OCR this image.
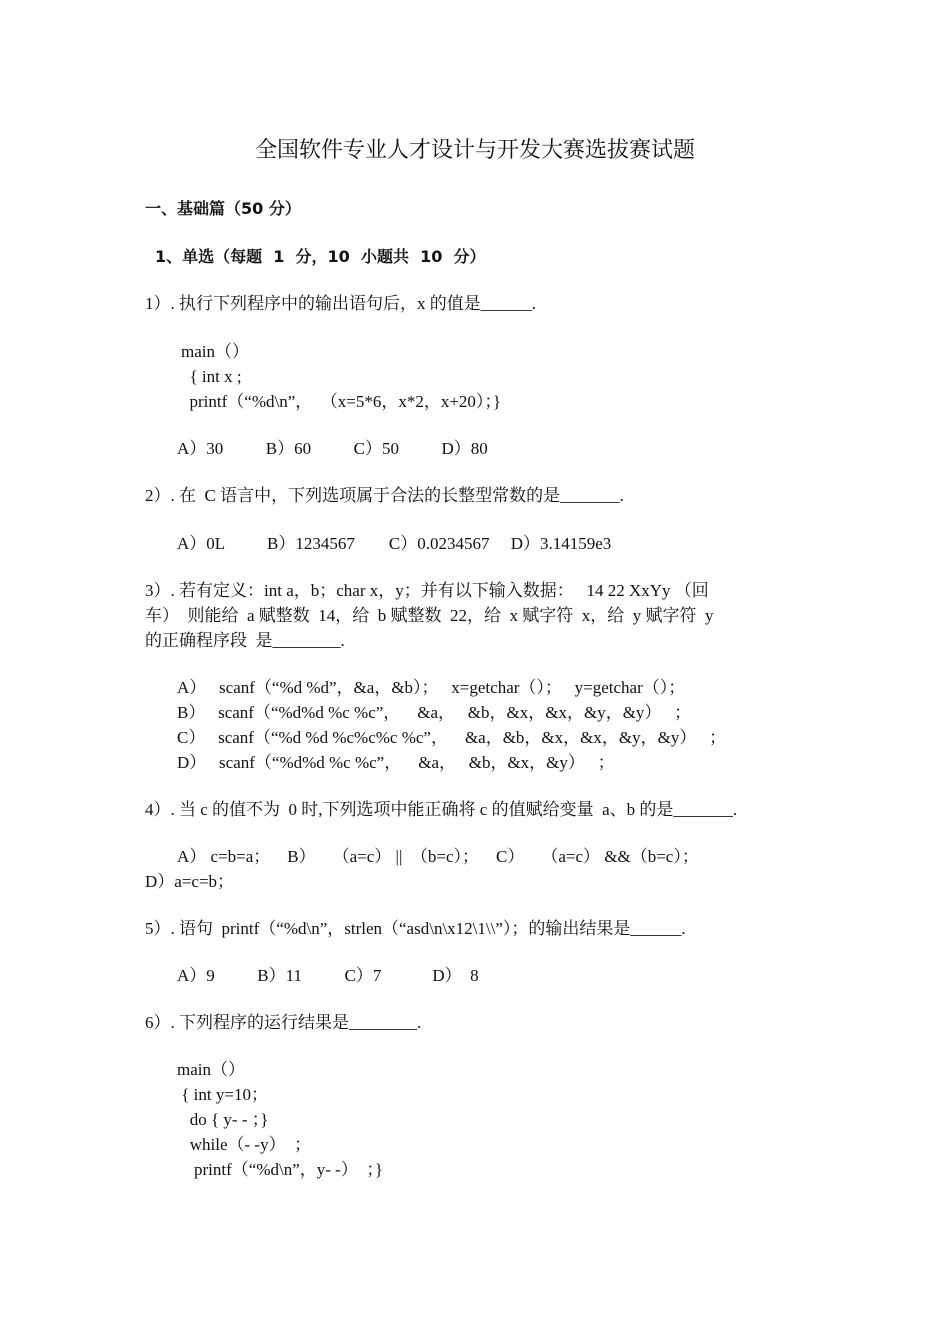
全国软件专业人才设计与开发大赛选拔赛试题
一、基础篇（50 分）
1、单选（每题  1  分，10  小题共  10  分）
1）. 执行下列程序中的输出语句后，x 的值是______.
main（）
{ int x ;
printf（“%d\n”，  （x=5*6，x*2，x+20）；}
A）30          B）60          C）50          D）80
2）. 在  C 语言中，下列选项属于合法的长整型常数的是_______.
A）0L          B）1234567        C）0.0234567     D）3.14159e3
3）. 若有定义：int a，b；char x，y；并有以下输入数据：   14 22 XxYy （回
车）  则能给  a 赋整数  14，给  b 赋整数  22，给  x 赋字符  x，给  y 赋字符  y
的正确程序段  是________.
A）   scanf（“%d %d”，&a，&b）；   x=getchar（）；   y=getchar（）；
B）   scanf（“%d%d %c %c”，    &a，   &b，&x，&x，&y，&y）   ；
C）   scanf（“%d %d %c%c%c %c”，    &a，&b，&x，&x，&y，&y）   ；
D）   scanf（“%d%d %c %c”，    &a，   &b，&x，&y）   ；
4）. 当 c 的值不为  0 时,下列选项中能正确将 c 的值赋给变量  a、b 的是_______.
A） c=b=a；    B）    （a=c） ||  （b=c）；    C）    （a=c） &&（b=c）；
D）a=c=b；
5）. 语句  printf（“%d\n”，strlen（“asd\n\x12\1\\”）；的输出结果是______.
A）9          B）11          C）7            D）  8
6）. 下列程序的运行结果是________.
main（）
{ int y=10；
do { y- - ；}
while（- -y）  ；
printf（“%d\n”，y- -）  ；}
